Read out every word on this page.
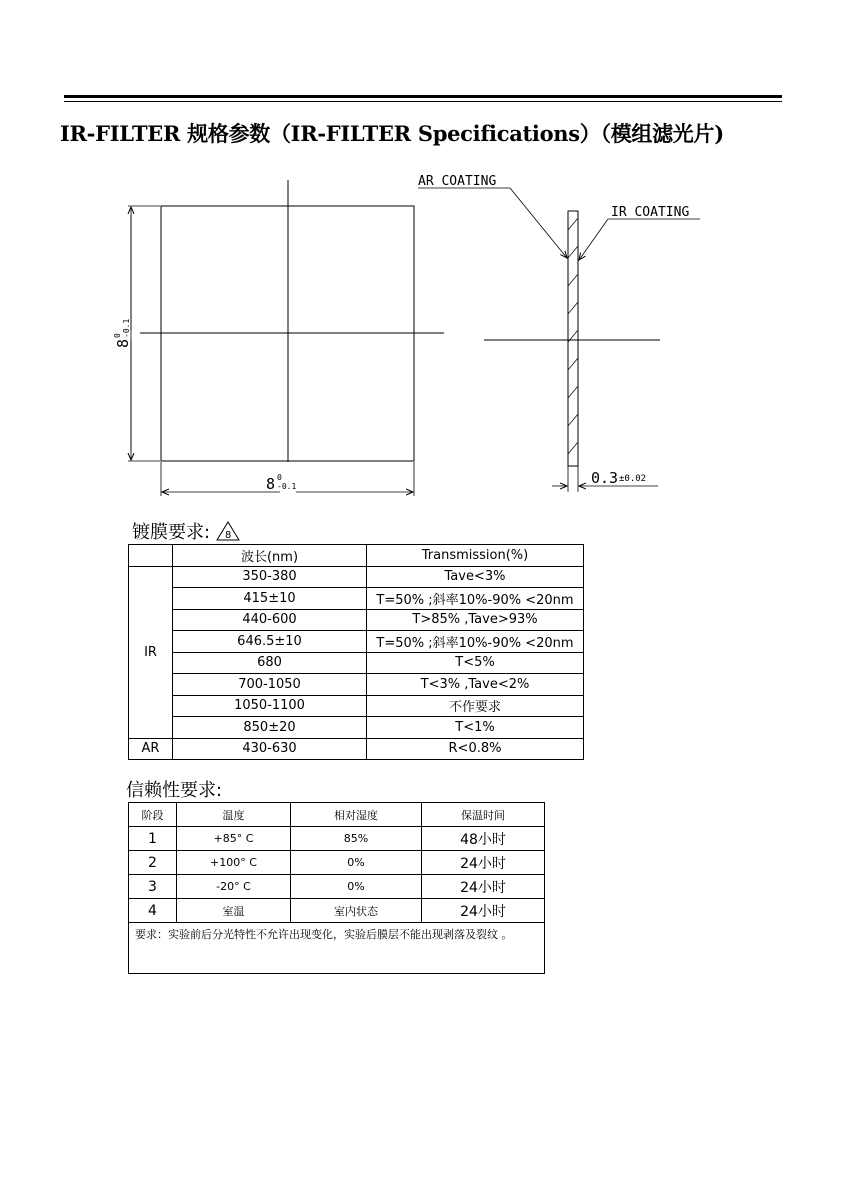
IR-FILTER 规格参数（IR-FILTER Specifications）（模组滤光片)
8
0 -0.1
8 0
-0.1
AR COATING
IR COATING
0.3 ±0.02
镀膜要求: 8
	波长(nm)	Transmission(%)
IR	350-380	Tave<3%
	415±10	T=50% ;斜率10%-90% <20nm
	440-600	T>85% ,Tave>93%
	646.5±10	T=50% ;斜率10%-90% <20nm
	680	T<5%
	700-1050	T<3% ,Tave<2%
	1050-1100	不作要求
	850±20	T<1%
AR	430-630	R<0.8%
信赖性要求:
阶段	温度	相对湿度	保温时间
1	+85° C	85%	48小时
2	+100° C	0%	24小时
3	-20° C	0%	24小时
4	室温	室内状态	24小时
要求：实验前后分光特性不允许出现变化，实验后膜层不能出现剥落及裂纹 。			
